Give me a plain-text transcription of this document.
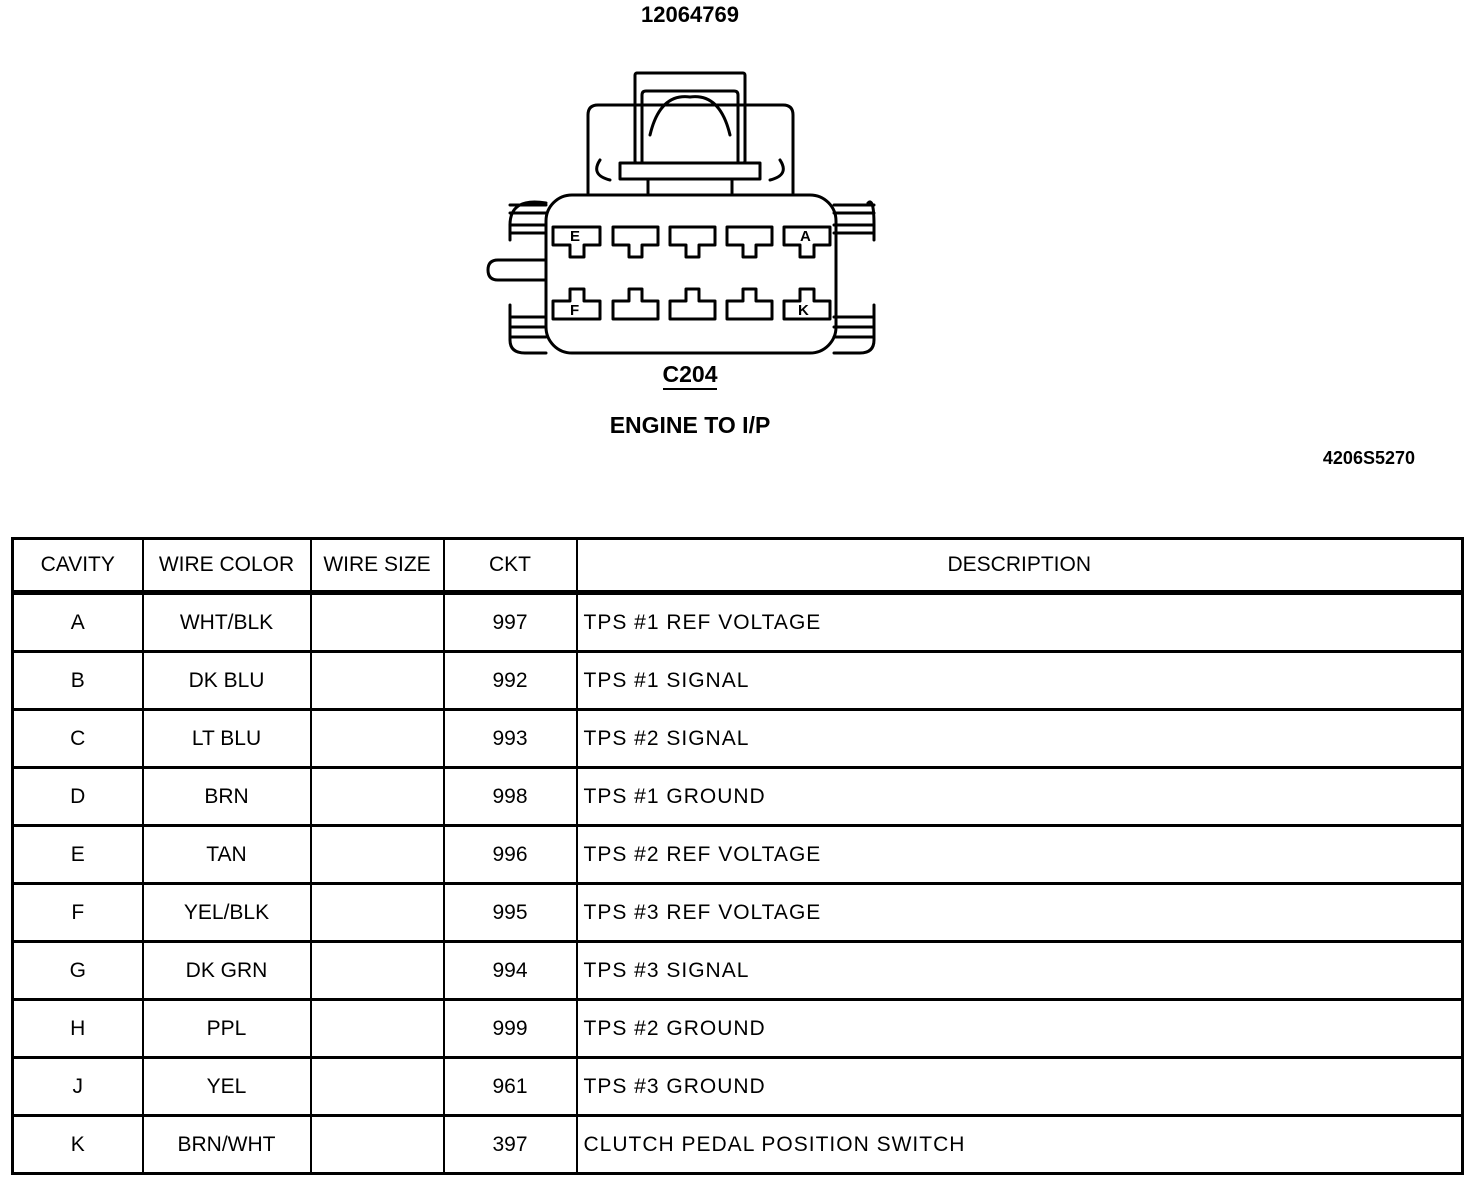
12064769
E	A
F	K
C204
ENGINE TO I/P
4206S5270
CAVITY	WIRE COLOR	WIRE SIZE	CKT	DESCRIPTION
A	WHT/BLK		997	TPS #1 REF VOLTAGE
B	DK BLU		992	TPS #1 SIGNAL
C	LT BLU		993	TPS #2 SIGNAL
D	BRN		998	TPS #1 GROUND
E	TAN		996	TPS #2 REF VOLTAGE
F	YEL/BLK		995	TPS #3 REF VOLTAGE
G	DK GRN		994	TPS #3 SIGNAL
H	PPL		999	TPS #2 GROUND
J	YEL		961	TPS #3 GROUND
K	BRN/WHT		397	CLUTCH PEDAL POSITION SWITCH
